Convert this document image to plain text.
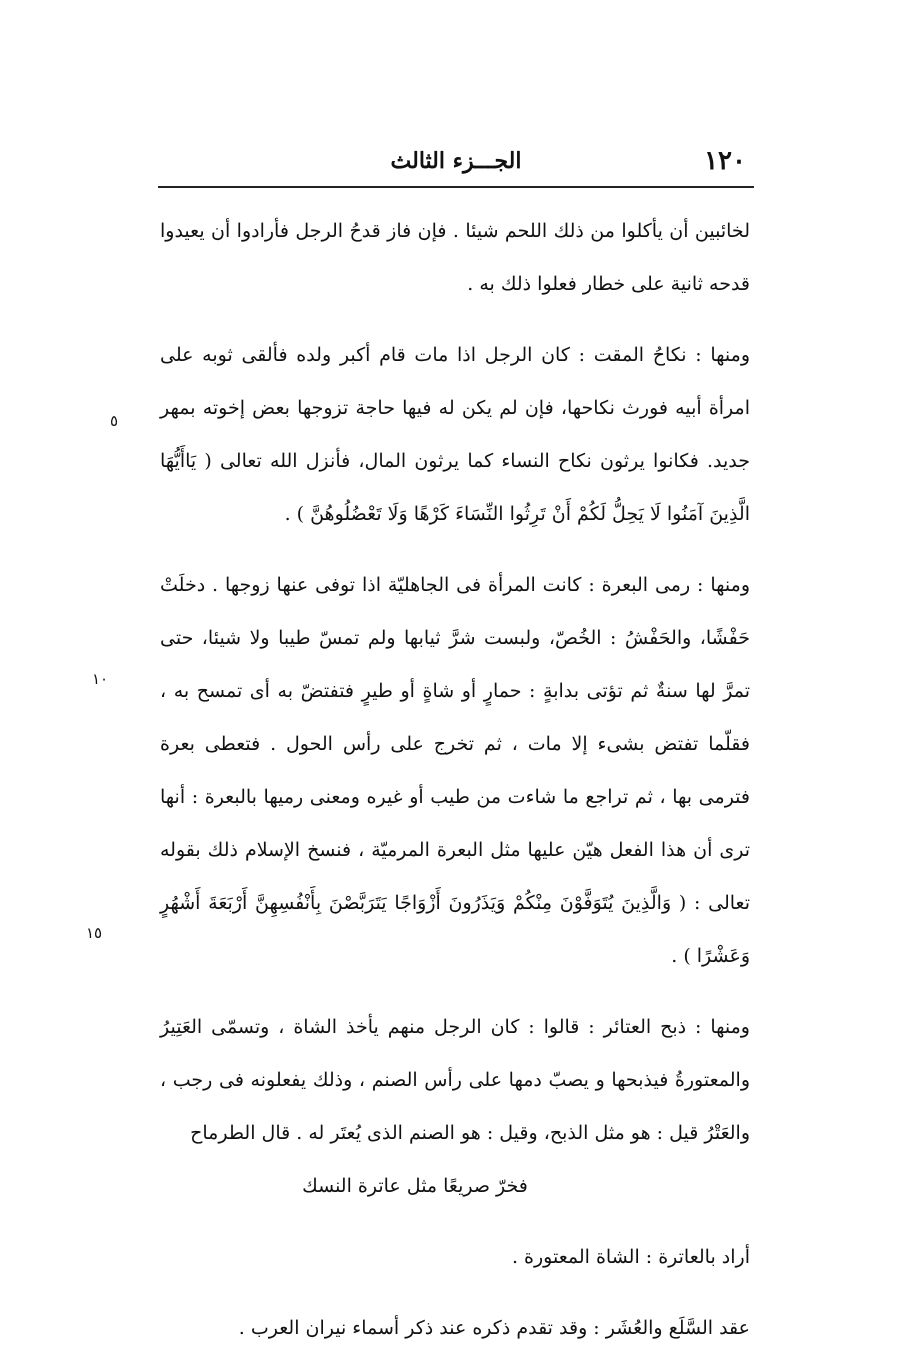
١٢٠
الجـــزء الثالث

لخائبين أن يأكلوا من ذلك اللحم شيئا . فإن فاز قدحُ الرجل فأرادوا أن يعيدوا قدحه ثانية على خطار فعلوا ذلك به .

ومنها : نكاحُ المقت : كان الرجل اذا مات قام أكبر ولده فألقى ثوبه على امرأة أبيه فورث نكاحها، فإن لم يكن له فيها حاجة تزوجها بعض إخوته بمهر جديد. فكانوا يرثون نكاح النساء كما يرثون المال، فأنزل الله تعالى ( يَاأَيُّهَا الَّذِينَ آمَنُوا لَا يَحِلُّ لَكُمْ أَنْ تَرِثُوا النِّسَاءَ كَرْهًا وَلَا تَعْضُلُوهُنَّ ) .

ومنها : رمى البعرة : كانت المرأة فى الجاهليّة اذا توفى عنها زوجها . دخلَتْ حَفْشًا، والحَفْشُ : الخُصّ، ولبست شرَّ ثيابها ولم تمسّ طيبا ولا شيئا، حتى تمرَّ لها سنةٌ ثم تؤتى بدابةٍ : حمارٍ أو شاةٍ أو طيرٍ فتفتضّ به أى تمسح به ، فقلّما تفتض بشىء إلا مات ، ثم تخرج على رأس الحول . فتعطى بعرة فترمى بها ، ثم تراجع ما شاءت من طيب أو غيره ومعنى رميها بالبعرة : أنها ترى أن هذا الفعل هيّن عليها مثل البعرة المرميّة ، فنسخ الإسلام ذلك بقوله تعالى : ( وَالَّذِينَ يُتَوَفَّوْنَ مِنْكُمْ وَيَذَرُونَ أَزْوَاجًا يَتَرَبَّصْنَ بِأَنْفُسِهِنَّ أَرْبَعَةَ أَشْهُرٍ وَعَشْرًا ) .

ومنها : ذبح العتائر : قالوا : كان الرجل منهم يأخذ الشاة ، وتسمّى العَتِيرُ والمعتورةُ فيذبحها و يصبّ دمها على رأس الصنم ، وذلك يفعلونه فى رجب ، والعَتْرُ قيل : هو مثل الذبح، وقيل : هو الصنم الذى يُعتَر له . قال الطرماح

فخرّ صريعًا مثل عاترة النسك

أراد بالعاترة : الشاة المعتورة .

عقد السَّلَع والعُشَر : وقد تقدم ذكره عند ذكر أسماء نيران العرب .

٥
١٠
١٥
